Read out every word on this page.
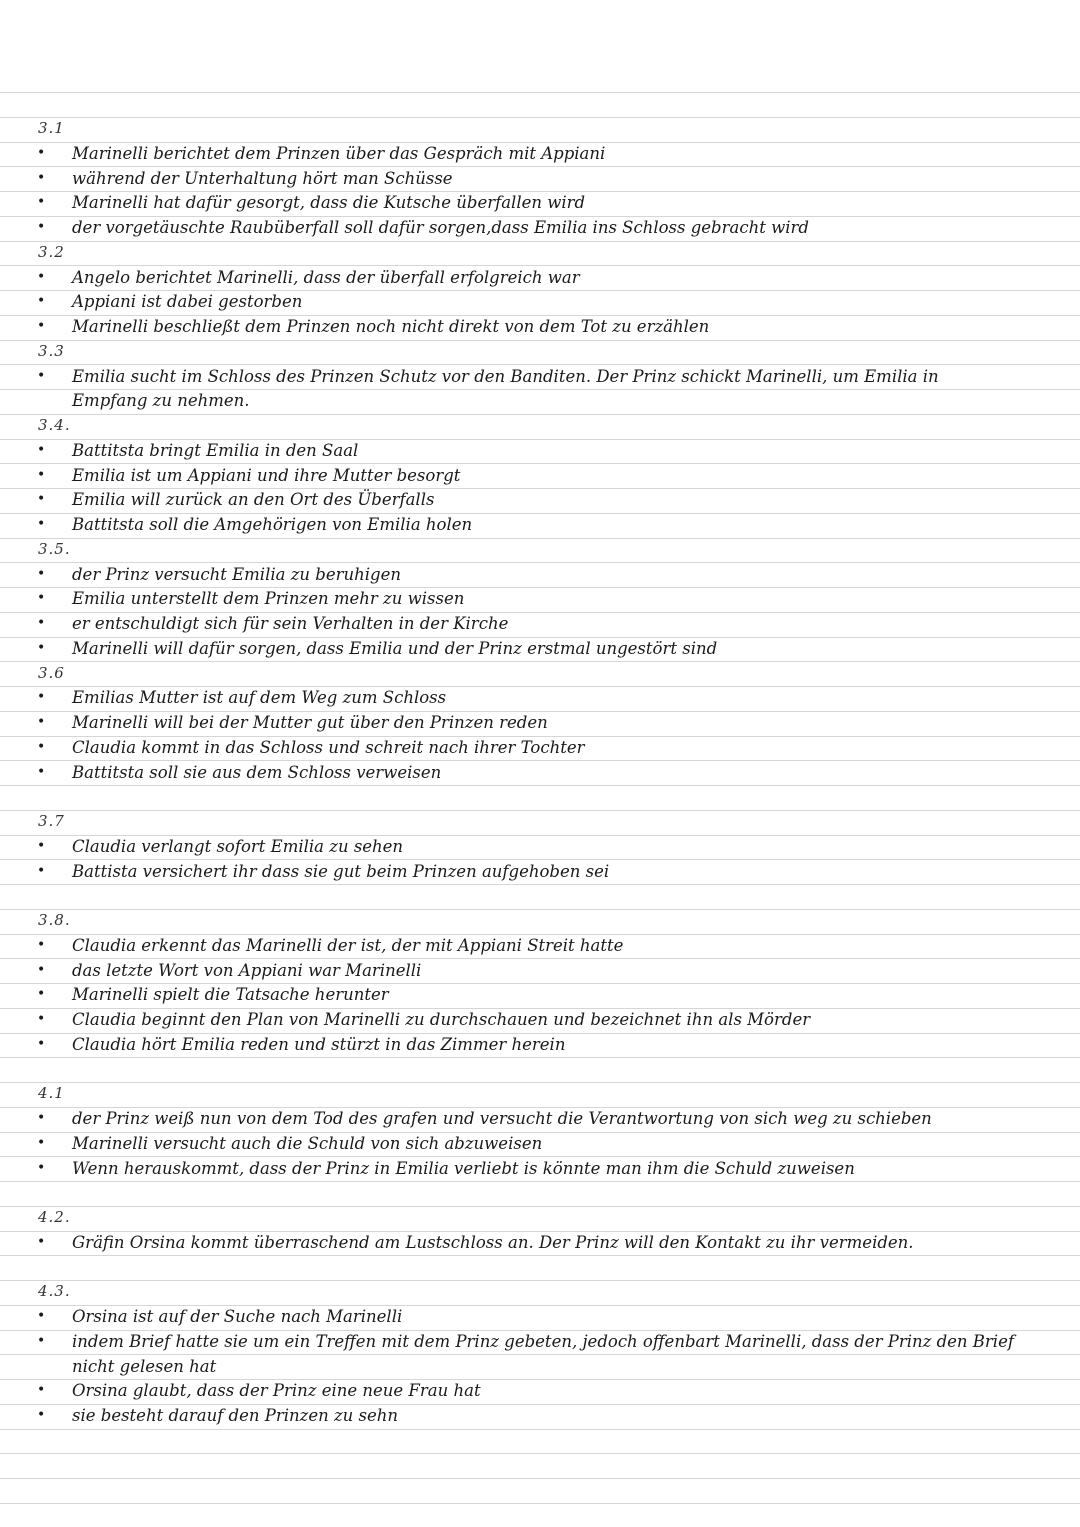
3.1
• Marinelli berichtet dem Prinzen über das Gespräch mit Appiani
• während der Unterhaltung hört man Schüsse
• Marinelli hat dafür gesorgt, dass die Kutsche überfallen wird
• der vorgetäuschte Raubüberfall soll dafür sorgen,dass Emilia ins Schloss gebracht wird
3.2
• Angelo berichtet Marinelli, dass der überfall erfolgreich war
• Appiani ist dabei gestorben
• Marinelli beschließt dem Prinzen noch nicht direkt von dem Tot zu erzählen
3.3
• Emilia sucht im Schloss des Prinzen Schutz vor den Banditen. Der Prinz schickt Marinelli, um Emilia in
Empfang zu nehmen.
3.4.
• Battitsta bringt Emilia in den Saal
• Emilia ist um Appiani und ihre Mutter besorgt
• Emilia will zurück an den Ort des Überfalls
• Battitsta soll die Amgehörigen von Emilia holen
3.5.
• der Prinz versucht Emilia zu beruhigen
• Emilia unterstellt dem Prinzen mehr zu wissen
• er entschuldigt sich für sein Verhalten in der Kirche
• Marinelli will dafür sorgen, dass Emilia und der Prinz erstmal ungestört sind
3.6
• Emilias Mutter ist auf dem Weg zum Schloss
• Marinelli will bei der Mutter gut über den Prinzen reden
• Claudia kommt in das Schloss und schreit nach ihrer Tochter
• Battitsta soll sie aus dem Schloss verweisen
3.7
• Claudia verlangt sofort Emilia zu sehen
• Battista versichert ihr dass sie gut beim Prinzen aufgehoben sei
3.8.
• Claudia erkennt das Marinelli der ist, der mit Appiani Streit hatte
• das letzte Wort von Appiani war Marinelli
• Marinelli spielt die Tatsache herunter
• Claudia beginnt den Plan von Marinelli zu durchschauen und bezeichnet ihn als Mörder
• Claudia hört Emilia reden und stürzt in das Zimmer herein
4.1
• der Prinz weiß nun von dem Tod des grafen und versucht die Verantwortung von sich weg zu schieben
• Marinelli versucht auch die Schuld von sich abzuweisen
• Wenn herauskommt, dass der Prinz in Emilia verliebt is könnte man ihm die Schuld zuweisen
4.2.
• Gräfin Orsina kommt überraschend am Lustschloss an. Der Prinz will den Kontakt zu ihr vermeiden.
4.3.
• Orsina ist auf der Suche nach Marinelli
• indem Brief hatte sie um ein Treffen mit dem Prinz gebeten, jedoch offenbart Marinelli, dass der Prinz den Brief
nicht gelesen hat
• Orsina glaubt, dass der Prinz eine neue Frau hat
• sie besteht darauf den Prinzen zu sehn
